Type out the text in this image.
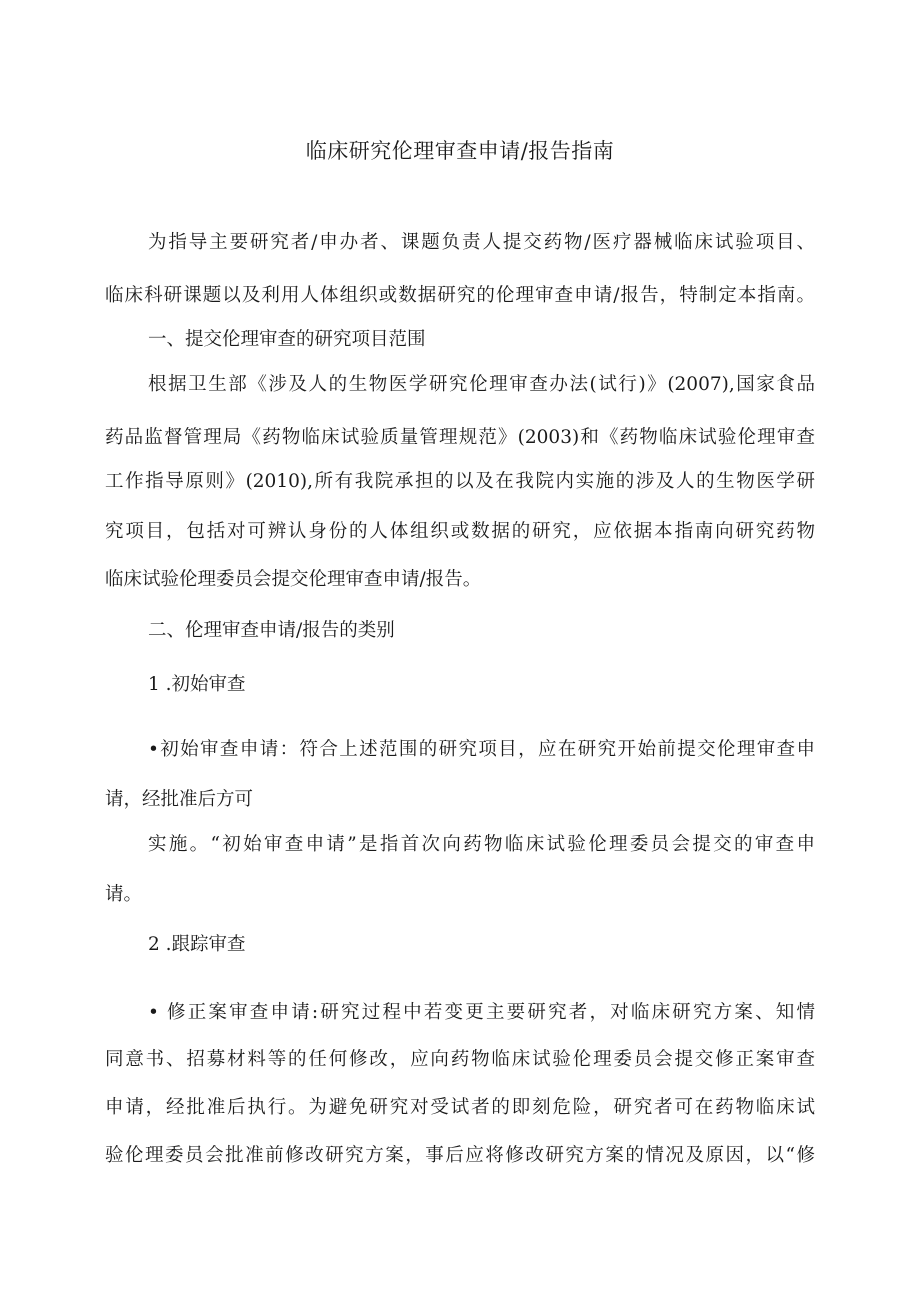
临床研究伦理审查申请/报告指南
为指导主要研究者/申办者、课题负责人提交药物/医疗器械临床试验项目、
临床科研课题以及利用人体组织或数据研究的伦理审查申请/报告，特制定本指南。
一、提交伦理审查的研究项目范围
根据卫生部《涉及人的生物医学研究伦理审查办法(试行)》(2007),国家食品
药品监督管理局《药物临床试验质量管理规范》(2003)和《药物临床试验伦理审查
工作指导原则》(2010),所有我院承担的以及在我院内实施的涉及人的生物医学研
究项目，包括对可辨认身份的人体组织或数据的研究，应依据本指南向研究药物
临床试验伦理委员会提交伦理审查申请/报告。
二、伦理审查申请/报告的类别
1 .初始审查
•初始审查申请：符合上述范围的研究项目，应在研究开始前提交伦理审查申
请，经批准后方可
实施。“初始审查申请”是指首次向药物临床试验伦理委员会提交的审查申
请。
2 .跟踪审查
• 修正案审查申请:研究过程中若变更主要研究者，对临床研究方案、知情
同意书、招募材料等的任何修改，应向药物临床试验伦理委员会提交修正案审查
申请，经批准后执行。为避免研究对受试者的即刻危险，研究者可在药物临床试
验伦理委员会批准前修改研究方案，事后应将修改研究方案的情况及原因，以“修
